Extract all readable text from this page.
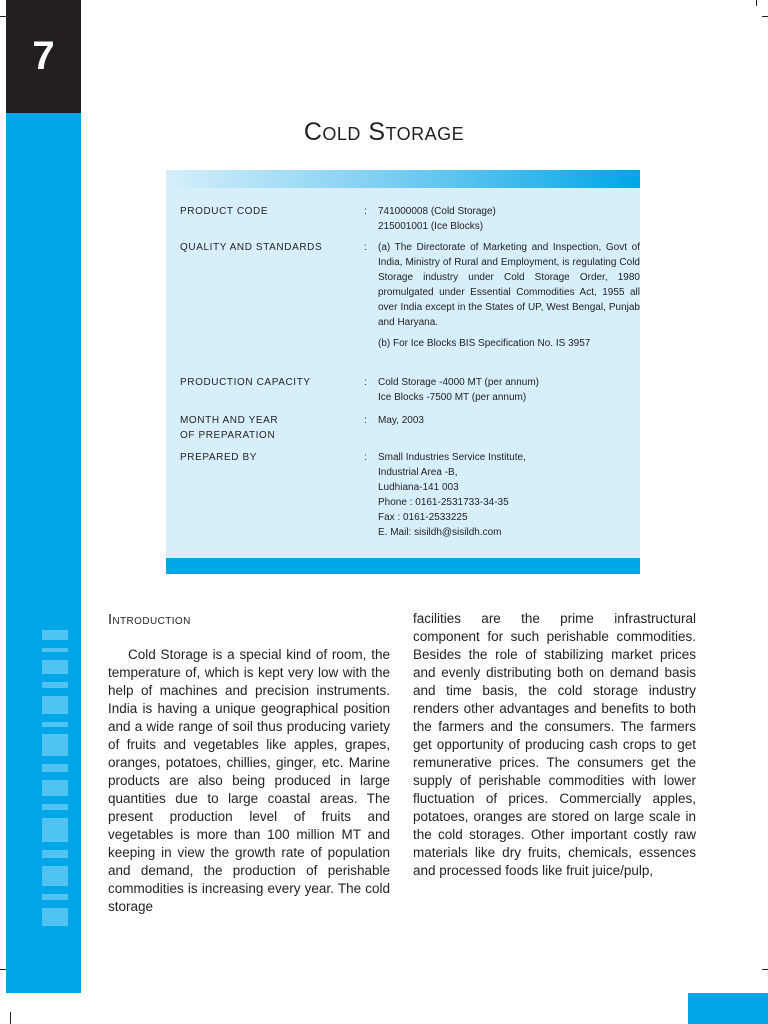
7
Cold Storage
PRODUCT CODE	: 741000008 (Cold Storage)
215001001 (Ice Blocks)
QUALITY AND STANDARDS	: (a) The Directorate of Marketing and Inspection, Govt of India, Ministry of Rural and Employment, is regulating Cold Storage industry under Cold Storage Order, 1980 promulgated under Essential Commodities Act, 1955 all over India except in the States of UP, West Bengal, Punjab and Haryana.
(b) For Ice Blocks BIS Specification No. IS 3957
PRODUCTION CAPACITY	: Cold Storage -4000 MT (per annum)
Ice Blocks -7500 MT (per annum)
MONTH AND YEAR
OF PREPARATION
: May, 2003
PREPARED BY	: Small Industries Service Institute,
Industrial Area -B,
Ludhiana-141 003
Phone : 0161-2531733-34-35
Fax : 0161-2533225
E. Mail: sisildh@sisildh.com
Introduction
Cold Storage is a special kind of room, the temperature of, which is kept very low with the help of machines and precision instruments. India is having a unique geographical position and a wide range of soil thus producing variety of fruits and vegetables like apples, grapes, oranges, potatoes, chillies, ginger, etc. Marine products are also being produced in large quantities due to large coastal areas. The present production level of fruits and vegetables is more than 100 million MT and keeping in view the growth rate of population and demand, the production of perishable commodities is increasing every year. The cold storage
facilities are the prime infrastructural component for such perishable commodities. Besides the role of stabilizing market prices and evenly distributing both on demand basis and time basis, the cold storage industry renders other advantages and benefits to both the farmers and the consumers. The farmers get opportunity of producing cash crops to get remunerative prices. The consumers get the supply of perishable commodities with lower fluctuation of prices. Commercially apples, potatoes, oranges are stored on large scale in the cold storages. Other important costly raw materials like dry fruits, chemicals, essences and processed foods like fruit juice/pulp,
